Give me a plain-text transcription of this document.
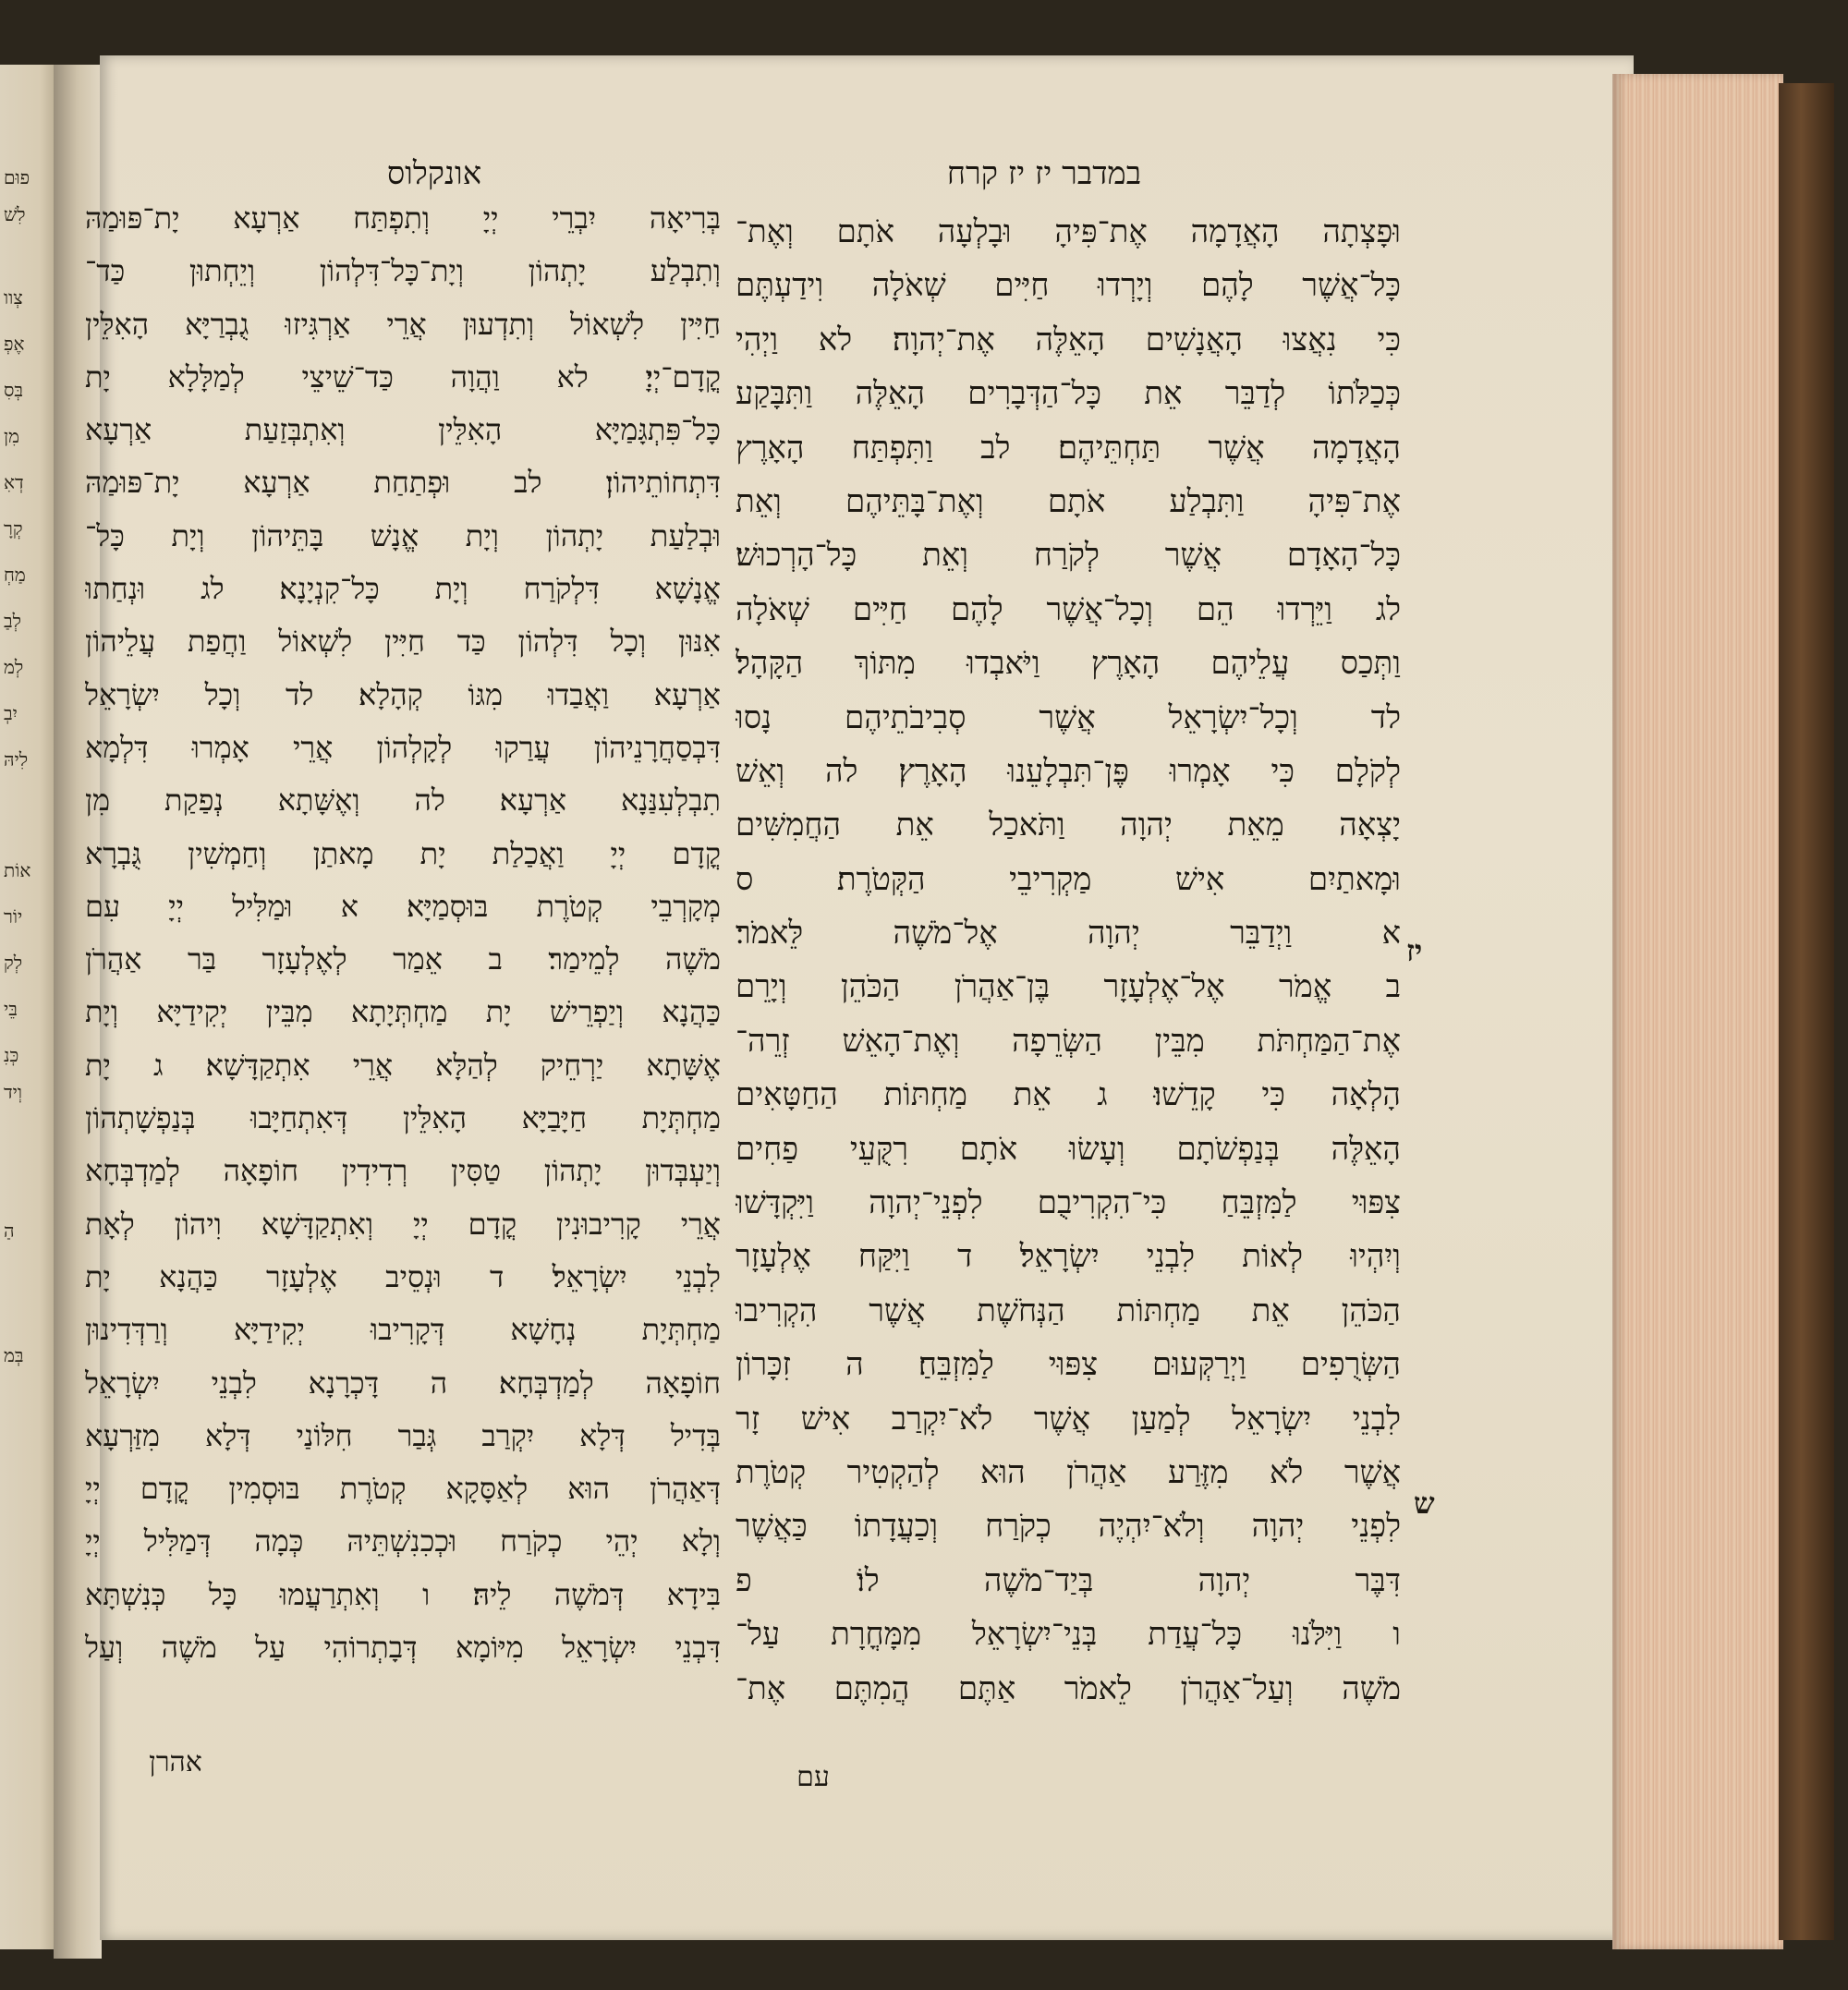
פוּם
לִשׁ
צְוו
אֶפְ
בְּסִ
מִן
דְאִ
קְרָ
מַחְ
לְבַ
לְמ
יִבְ
לִיהּ
אוֹת
יוֹר
לְק
בֵּי
כְּנִ
וְיד
הַ
בְּמ
במדבר יז יז קרח
אונקלוס
וּפָצְתָה הָאֲדָמָה אֶת־פִּיהָ וּבָלְעָה אֹתָם וְאֶת־
כָּל־אֲשֶׁר לָהֶם וְיָרְדוּ חַיִּים שְׁאֹלָה וִידַעְתֶּם
כִּי נִאֲצוּ הָאֲנָשִׁים הָאֵלֶּה אֶת־יְהוָה׃ לא וַיְהִי
כְּכַלֹּתוֹ לְדַבֵּר אֵת כָּל־הַדְּבָרִים הָאֵלֶּה וַתִּבָּקַע
הָאֲדָמָה אֲשֶׁר תַּחְתֵּיהֶם׃ לב וַתִּפְתַּח הָאָרֶץ
אֶת־פִּיהָ וַתִּבְלַע אֹתָם וְאֶת־בָּתֵּיהֶם וְאֵת
כָּל־הָאָדָם אֲשֶׁר לְקֹרַח וְאֵת כָּל־הָרְכוּשׁ׃
לג וַיֵּרְדוּ הֵם וְכָל־אֲשֶׁר לָהֶם חַיִּים שְׁאֹלָה
וַתְּכַס עֲלֵיהֶם הָאָרֶץ וַיֹּאבְדוּ מִתּוֹךְ הַקָּהָל׃
לד וְכָל־יִשְׂרָאֵל אֲשֶׁר סְבִיבֹתֵיהֶם נָסוּ
לְקֹלָם כִּי אָמְרוּ פֶּן־תִּבְלָעֵנוּ הָאָרֶץ׃ לה וְאֵשׁ
יָצְאָה מֵאֵת יְהוָה וַתֹּאכַל אֵת הַחֲמִשִּׁים
וּמָאתַיִם אִישׁ מַקְרִיבֵי הַקְּטֹרֶת׃ ס
א וַיְדַבֵּר יְהוָה אֶל־מֹשֶׁה לֵּאמֹר׃
ב אֱמֹר אֶל־אֶלְעָזָר בֶּן־אַהֲרֹן הַכֹּהֵן וְיָרֵם
אֶת־הַמַּחְתֹּת מִבֵּין הַשְּׂרֵפָה וְאֶת־הָאֵשׁ זְרֵה־
הָלְאָה כִּי קָדֵשׁוּ׃ ג אֵת מַחְתּוֹת הַחַטָּאִים
הָאֵלֶּה בְּנַפְשֹׁתָם וְעָשׂוּ אֹתָם רִקֻּעֵי פַחִים
צִפּוּי לַמִּזְבֵּחַ כִּי־הִקְרִיבֻם לִפְנֵי־יְהוָה וַיִּקְדָּשׁוּ
וְיִהְיוּ לְאוֹת לִבְנֵי יִשְׂרָאֵל׃ ד וַיִּקַּח אֶלְעָזָר
הַכֹּהֵן אֵת מַחְתּוֹת הַנְּחֹשֶׁת אֲשֶׁר הִקְרִיבוּ
הַשְּׂרֻפִים וַיְרַקְּעוּם צִפּוּי לַמִּזְבֵּחַ׃ ה זִכָּרוֹן
לִבְנֵי יִשְׂרָאֵל לְמַעַן אֲשֶׁר לֹא־יִקְרַב אִישׁ זָר
אֲשֶׁר לֹא מִזֶּרַע אַהֲרֹן הוּא לְהַקְטִיר קְטֹרֶת
לִפְנֵי יְהוָה וְלֹא־יִהְיֶה כְקֹרַח וְכַעֲדָתוֹ כַּאֲשֶׁר
דִּבֶּר יְהוָה בְּיַד־מֹשֶׁה לוֹ׃ פ
ו וַיִּלֹּנוּ כָּל־עֲדַת בְּנֵי־יִשְׂרָאֵל מִמָּחֳרָת עַל־
מֹשֶׁה וְעַל־אַהֲרֹן לֵאמֹר אַתֶּם הֲמִתֶּם אֶת־
בְּרִיאָה יִבְרֵי יְיָ וְתִפְתַּח אַרְעָא יָת־פּוּמַהּ
וְתִבְלַע יָתְהוֹן וְיָת־כָּל־דִּלְהוֹן וְיֵחְתוּן כַּד־
חַיִּין לִשְׁאוֹל וְתִדְעוּן אֲרֵי אַרְגִּיזוּ גֻבְרַיָּא הָאִלֵּין
קֳדָם־יְיָ׃ לא וַהֲוָה כַּד־שֵׁיצֵי לְמַלָּלָא יָת
כָּל־פִּתְגָּמַיָּא הָאִלֵּין וְאִתְבְּזַעַת אַרְעָא
דִּתְחוֹתֵיהוֹן׃ לב וּפְתַחַת אַרְעָא יָת־פּוּמַהּ
וּבְלַעַת יָתְהוֹן וְיָת אֱנָשׁ בָּתֵּיהוֹן וְיָת כָּל־
אֱנָשָׁא דִּלְקֹרַח וְיָת כָּל־קִנְיָנָא׃ לג וּנְחַתוּ
אִנּוּן וְכָל דִּלְהוֹן כַּד חַיִּין לִשְׁאוֹל וַחֲפַת עֲלֵיהוֹן
אַרְעָא וַאֲבַדוּ מִגּוֹ קְהָלָא׃ לד וְכָל יִשְׂרָאֵל
דִּבְסַחֲרָנֵיהוֹן עֲרַקוּ לְקָלְהוֹן אֲרֵי אָמְרוּ דִּלְמָא
תִבְלְעִנַּנָא אַרְעָא׃ לה וְאֶשָּׁתָא נְפַקַת מִן
קֳדָם יְיָ וַאֲכַלַת יָת מָאתַן וְחַמְשִׁין גֻּבְרָא
מְקָרְבֵי קְטֹרֶת בּוּסְמַיָּא׃ א וּמַלִּיל יְיָ עִם
מֹשֶׁה לְמֵימַר׃ ב אֵמַר לְאֶלְעָזָר בַּר אַהֲרֹן
כַּהֲנָא וְיַפְרֵישׁ יָת מַחְתְּיָתָא מִבֵּין יְקִידַיָּא וְיָת
אֶשָּׁתָא יַרְחֵיק לְהַלָּא אֲרֵי אִתְקַדָּשָׁא׃ ג יָת
מַחְתְּיָת חַיָּבַיָּא הָאִלֵּין דְּאִתְחַיָּבוּ בְּנַפְשָׁתְהוֹן
וְיַעְבְּדוּן יָתְהוֹן טַסִּין רְדִידִין חוֹפָאָה לְמַדְבְּחָא
אֲרֵי קָרִיבוּנִין קֳדָם יְיָ וְאִתְקַדָּשָׁא וִיהוֹן לְאָת
לִבְנֵי יִשְׂרָאֵל׃ ד וּנְסֵיב אֶלְעָזָר כַּהֲנָא יָת
מַחְתְּיָת נְחָשָׁא דְּקָרִיבוּ יְקִידַיָּא וְרַדְּדִינוּן
חוֹפָאָה לְמַדְבְּחָא׃ ה דָּכְרָנָא לִבְנֵי יִשְׂרָאֵל
בְּדִיל דְּלָא יִקְרַב גְּבַר חִלּוֹנַי דְּלָא מִזַּרְעָא
דְּאַהֲרֹן הוּא לְאַסָּקָא קְטֹרֶת בּוּסְמִין קֳדָם יְיָ
וְלָא יְהֵי כְקֹרַח וּכְכִנִשְׁתֵּיהּ כְּמָה דְּמַלִּיל יְיָ
בִּידָא דְּמֹשֶׁה לֵיהּ׃ ו וְאִתְרַעֲמוּ כָּל כְּנִשְׁתָּא
דִּבְנֵי יִשְׂרָאֵל מִיּוֹמָא דְּבָתְרוֹהִי עַל מֹשֶׁה וְעַל
יז
ש
אהרן	עם
